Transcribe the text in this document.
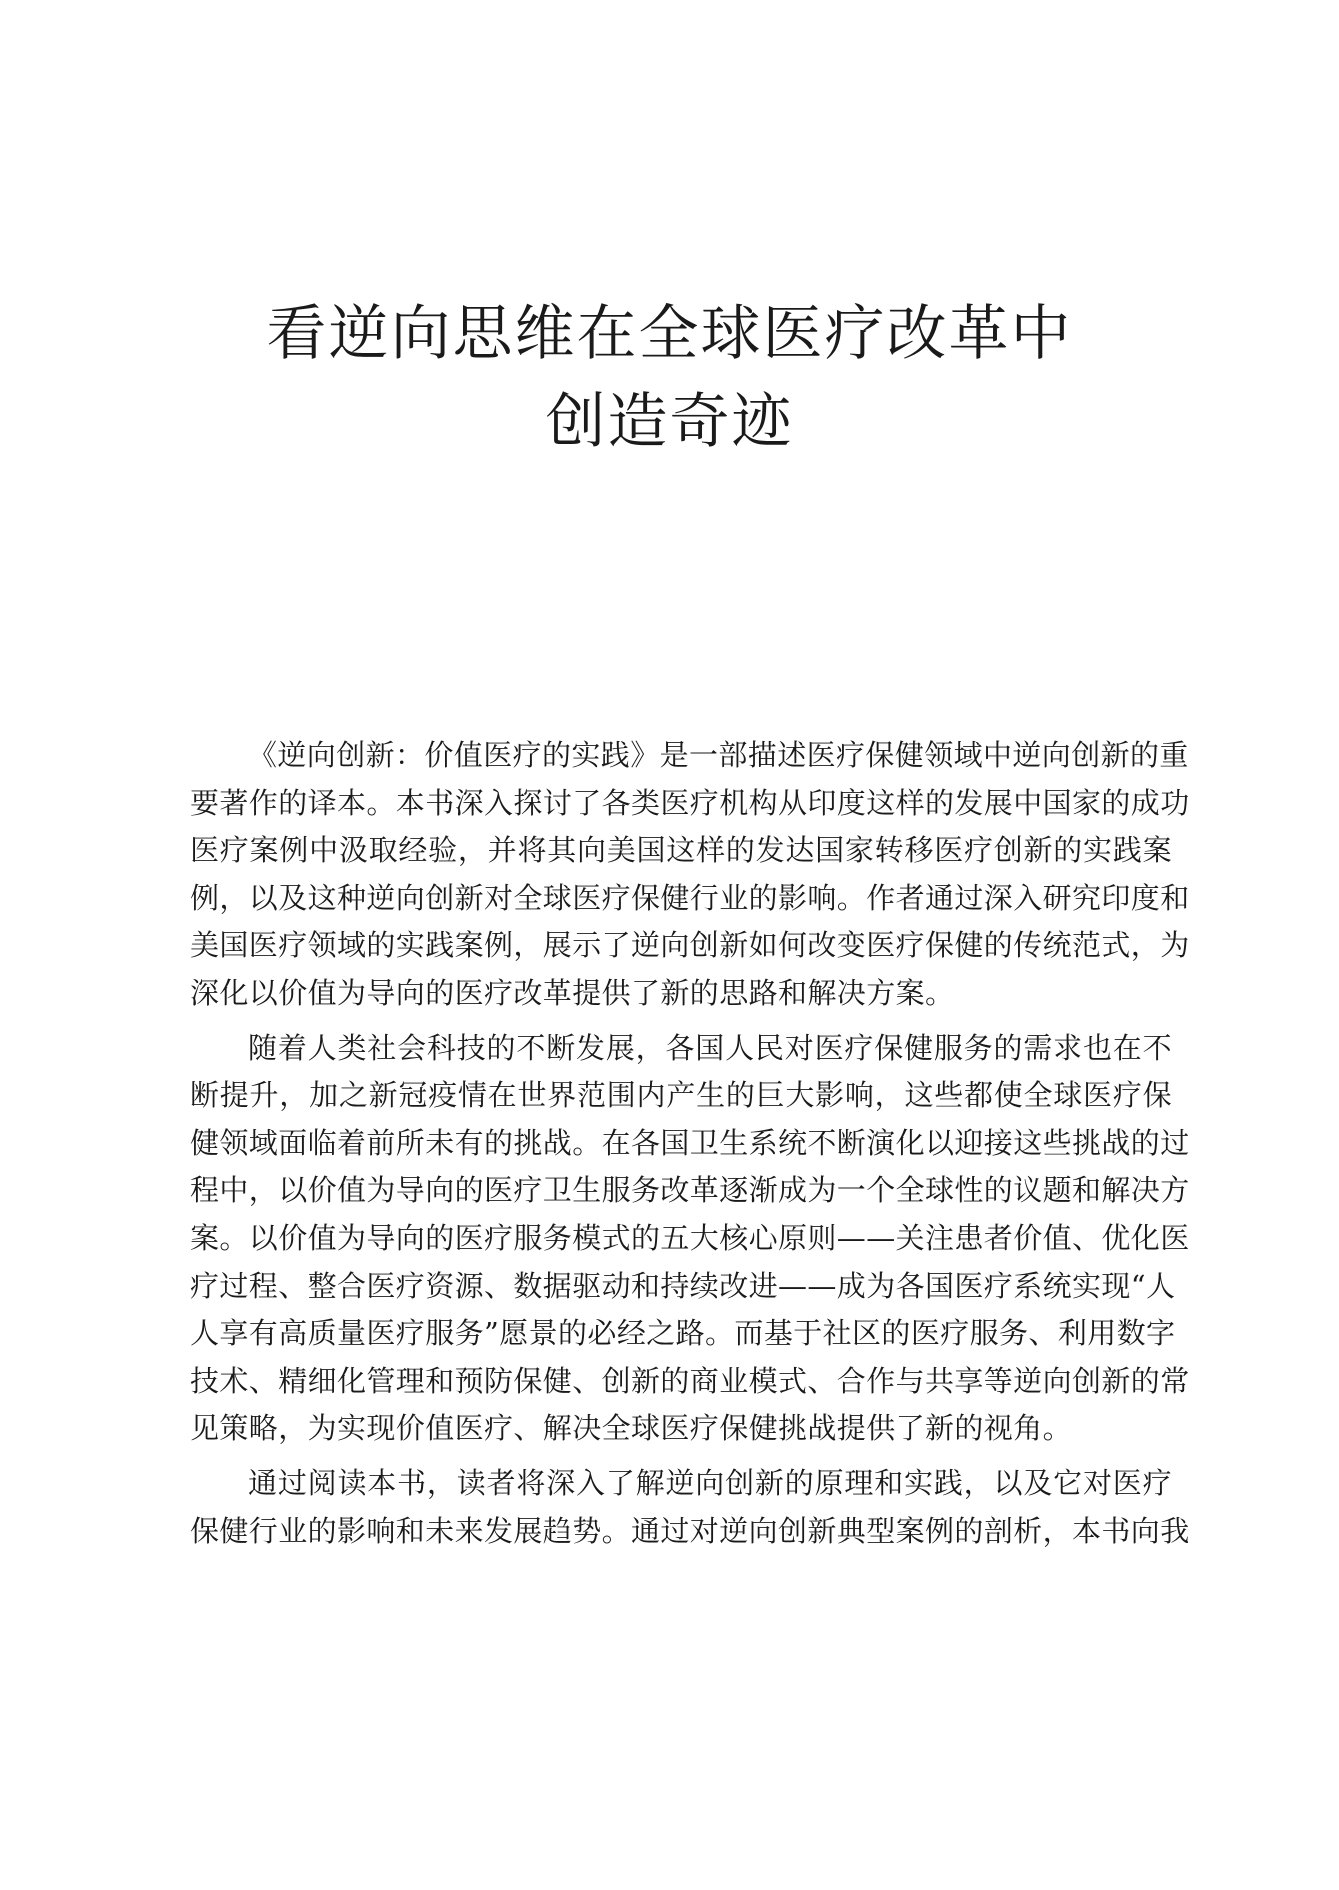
看逆向思维在全球医疗改革中
创造奇迹

《逆向创新：价值医疗的实践》是一部描述医疗保健领域中逆向创新的重
要著作的译本。本书深入探讨了各类医疗机构从印度这样的发展中国家的成功
医疗案例中汲取经验，并将其向美国这样的发达国家转移医疗创新的实践案
例，以及这种逆向创新对全球医疗保健行业的影响。作者通过深入研究印度和
美国医疗领域的实践案例，展示了逆向创新如何改变医疗保健的传统范式，为
深化以价值为导向的医疗改革提供了新的思路和解决方案。

随着人类社会科技的不断发展，各国人民对医疗保健服务的需求也在不
断提升，加之新冠疫情在世界范围内产生的巨大影响，这些都使全球医疗保
健领域面临着前所未有的挑战。在各国卫生系统不断演化以迎接这些挑战的过
程中，以价值为导向的医疗卫生服务改革逐渐成为一个全球性的议题和解决方
案。以价值为导向的医疗服务模式的五大核心原则——关注患者价值、优化医
疗过程、整合医疗资源、数据驱动和持续改进——成为各国医疗系统实现“人
人享有高质量医疗服务”愿景的必经之路。而基于社区的医疗服务、利用数字
技术、精细化管理和预防保健、创新的商业模式、合作与共享等逆向创新的常
见策略，为实现价值医疗、解决全球医疗保健挑战提供了新的视角。

通过阅读本书，读者将深入了解逆向创新的原理和实践，以及它对医疗
保健行业的影响和未来发展趋势。通过对逆向创新典型案例的剖析，本书向我
